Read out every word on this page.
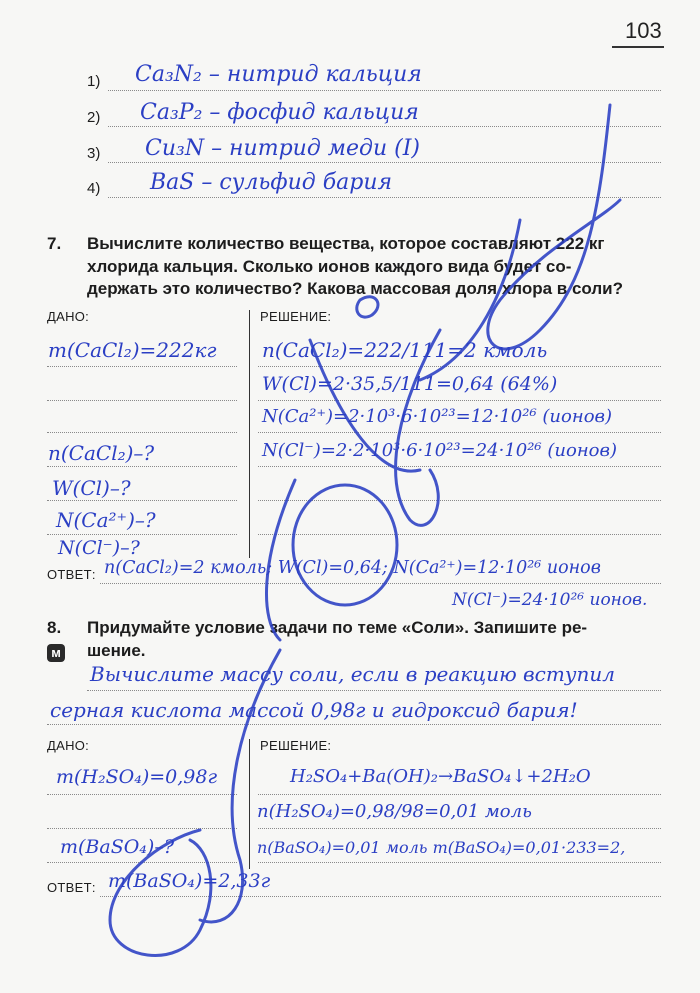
103
1) Ca₃N₂ – нитрид кальция
2) Ca₃P₂ – фосфид кальция
3) Cu₃N – нитрид меди (I)
4) BaS – сульфид бария
7. Вычислите количество вещества, которое составляют 222 кг
хлорида кальция. Сколько ионов каждого вида будет со-
держать это количество? Какова массовая доля хлора в соли?
ДАНО:	РЕШЕНИЕ:
m(CaCl₂)=222кг
n(CaCl₂)–?
W(Cl)–?
N(Ca²⁺)–?
N(Cl⁻)–?
n(CaCl₂)=222/111=2 кмоль
W(Cl)=2·35,5/111=0,64 (64%)
N(Ca²⁺)=2·10³·6·10²³=12·10²⁶ (ионов)
N(Cl⁻)=2·2·10³·6·10²³=24·10²⁶ (ионов)
ОТВЕТ: n(CaCl₂)=2 кмоль; W(Cl)=0,64; N(Ca²⁺)=12·10²⁶ ионов
N(Cl⁻)=24·10²⁶ ионов.
8.
м
Придумайте условие задачи по теме «Соли». Запишите ре-
шение.
Вычислите массу соли, если в реакцию вступил
серная кислота массой 0,98г и гидроксид бария!
ДАНО:	РЕШЕНИЕ:
m(H₂SO₄)=0,98г
m(BaSO₄)–?
H₂SO₄+Ba(OH)₂→BaSO₄↓+2H₂O
n(H₂SO₄)=0,98/98=0,01 моль
n(BaSO₄)=0,01 моль m(BaSO₄)=0,01·233=2,
ОТВЕТ: m(BaSO₄)=2,33г
